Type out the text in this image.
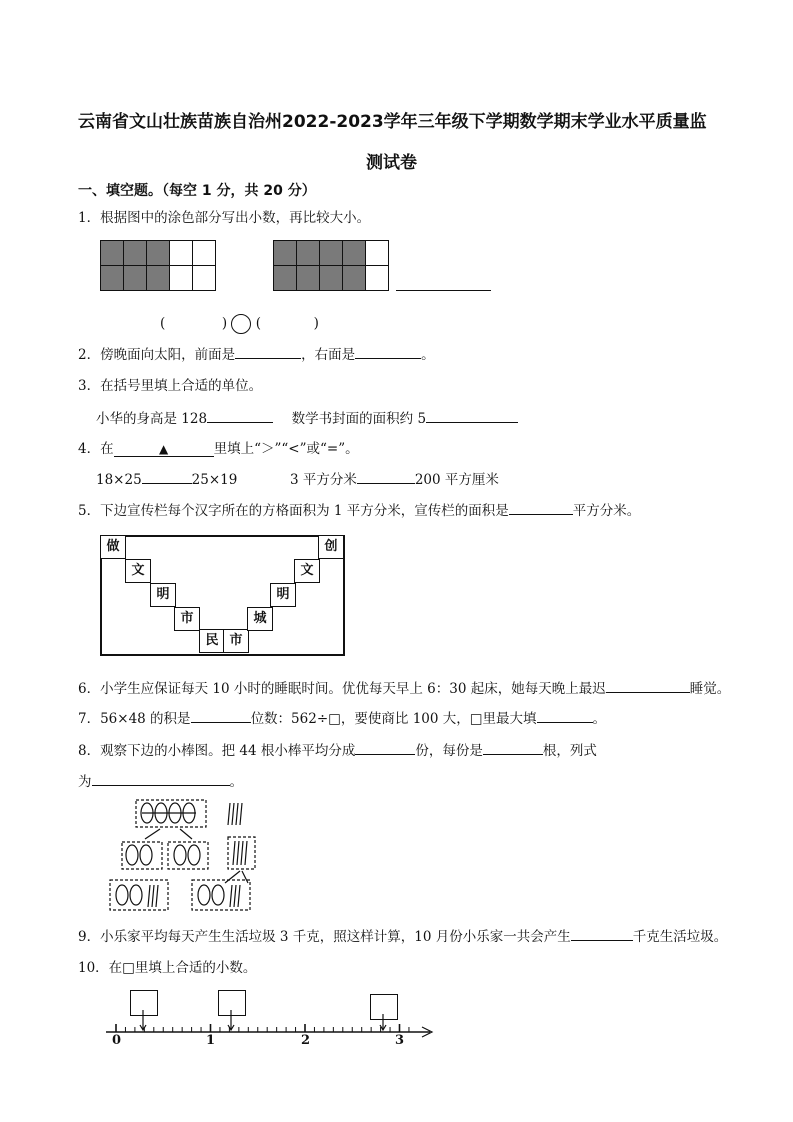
云南省文山壮族苗族自治州2022-2023学年三年级下学期数学期末学业水平质量监
测试卷
一、填空题。（每空 1 分，共 20 分）
1．根据图中的涂色部分写出小数，再比较大小。

(	) (	)
2．傍晚面向太阳，前面是	，右面是	。
3．在括号里填上合适的单位。
小华的身高是 128	数学书封面的面积约 5
4．在	▲	里填上“＞”“<”或“=”。
18×25	25×19	3 平方分米	200 平方厘米
5．下边宣传栏每个汉字所在的方格面积为 1 平方分米，宣传栏的面积是	平方分米。
做
文
明
市
民 市
城
明
文
创
6．小学生应保证每天 10 小时的睡眠时间。优优每天早上 6：30 起床，她每天晚上最迟	睡觉。
7．56×48 的积是	位数：562÷□，要使商比 100 大，□里最大填	。
8．观察下边的小棒图。把 44 根小棒平均分成	份，每份是	根，列式
为	。
9．小乐家平均每天产生生活垃圾 3 千克，照这样计算，10 月份小乐家一共会产生	千克生活垃圾。
10．在□里填上合适的小数。
0	1	2	3
